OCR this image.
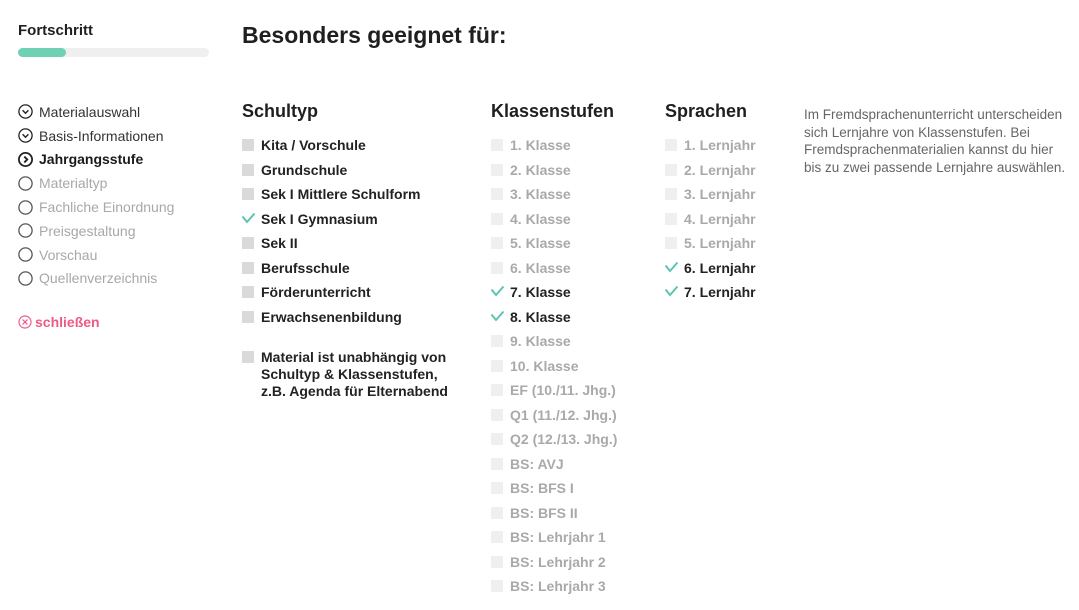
Fortschritt
Materialauswahl
Basis-Informationen
Jahrgangsstufe
Materialtyp
Fachliche Einordnung
Preisgestaltung
Vorschau
Quellenverzeichnis
schließen
Besonders geeignet für:
Schultyp
Kita / Vorschule
Grundschule
Sek I Mittlere Schulform
Sek I Gymnasium
Sek II
Berufsschule
Förderunterricht
Erwachsenenbildung
Material ist unabhängig von Schultyp & Klassenstufen, z.B. Agenda für Elternabend
Klassenstufen
1. Klasse
2. Klasse
3. Klasse
4. Klasse
5. Klasse
6. Klasse
7. Klasse
8. Klasse
9. Klasse
10. Klasse
EF (10./11. Jhg.)
Q1 (11./12. Jhg.)
Q2 (12./13. Jhg.)
BS: AVJ
BS: BFS I
BS: BFS II
BS: Lehrjahr 1
BS: Lehrjahr 2
BS: Lehrjahr 3
Sprachen
1. Lernjahr
2. Lernjahr
3. Lernjahr
4. Lernjahr
5. Lernjahr
6. Lernjahr
7. Lernjahr

Im Fremdsprachenunterricht unterscheiden sich Lernjahre von Klassenstufen. Bei Fremdsprachenmaterialien kannst du hier bis zu zwei passende Lernjahre auswählen.
